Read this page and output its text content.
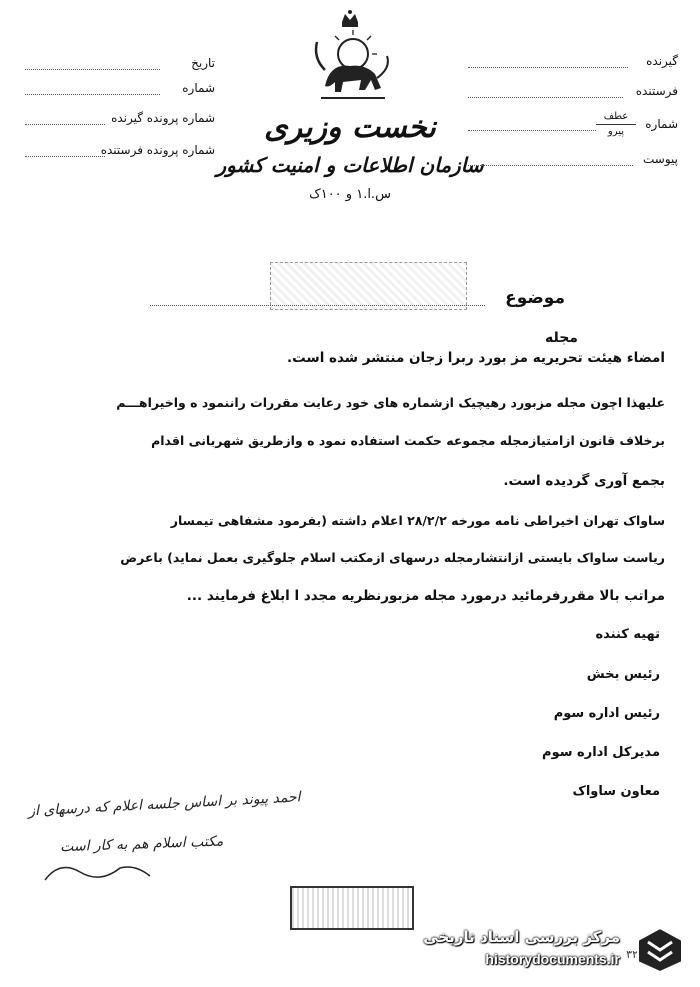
تاریخ
شماره
شماره پرونده گیرنده
شماره پرونده فرستنده
نخست وزیری
سازمان اطلاعات و امنیت کشور
س.ا.۱ و ۱۰۰ک
گیرنده
فرستنده
شماره
عطف
پیرو
پیوست
موضوع
مجله
امضاء هیئت تحریریه مز بورد ربرا زجان منتشر شده است.
علیهذا اچون مجله مزبورد رهیچیک ازشماره های خود رعایت مقررات راننمود ه واخیراهـــم
برخلاف قانون ازامتیازمجله مجموعه حکمت استفاده نمود ه وازطریق شهربانی اقدام
بجمع آوری گردیده است.
ساواک تهران اخیراطی نامه مورخه ۲۸/۲/۲ اعلام داشته (بفرمود مشفاهی تیمسار
ریاست ساواک بایستی ازانتشارمجله درسهای ازمکتب اسلام جلوگیری بعمل نماید) باعرض
مراتب بالا مقررفرمائید درمورد مجله مزبورنظریه مجدد ا ابلاغ فرمایند ...
تهیه کننده
رئیس بخش
رئیس اداره سوم
مدیرکل اداره سوم
معاون ساواک
احمد پیوند بر اساس جلسه اعلام که درسهای از
مکتب اسلام هم به کار است
مرکز بررسی اسناد تاریخی
historydocuments.ir ۳۲
